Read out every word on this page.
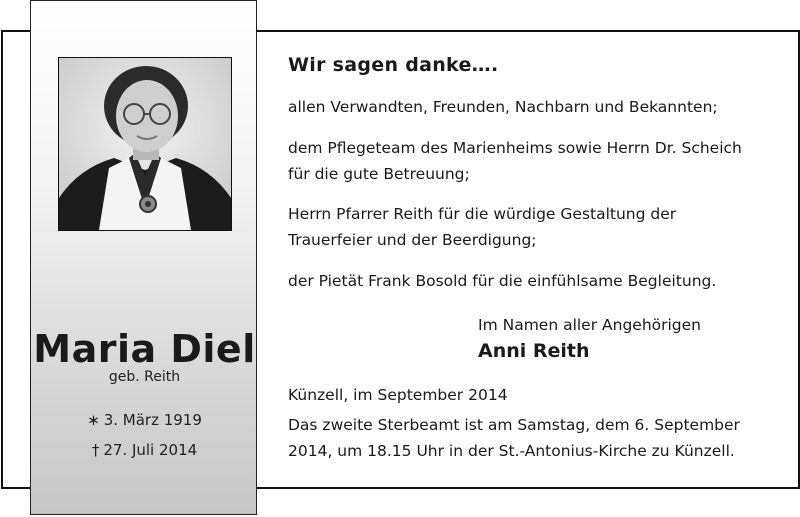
Maria Diel
geb. Reith
∗ 3. März 1919
† 27. Juli 2014
Wir sagen danke….
allen Verwandten, Freunden, Nachbarn und Bekannten;
dem Pflegeteam des Marienheims sowie Herrn Dr. Scheich
für die gute Betreuung;
Herrn Pfarrer Reith für die würdige Gestaltung der
Trauerfeier und der Beerdigung;
der Pietät Frank Bosold für die einfühlsame Begleitung.
Im Namen aller Angehörigen
Anni Reith
Künzell, im September 2014
Das zweite Sterbeamt ist am Samstag, dem 6. September
2014, um 18.15 Uhr in der St.-Antonius-Kirche zu Künzell.
